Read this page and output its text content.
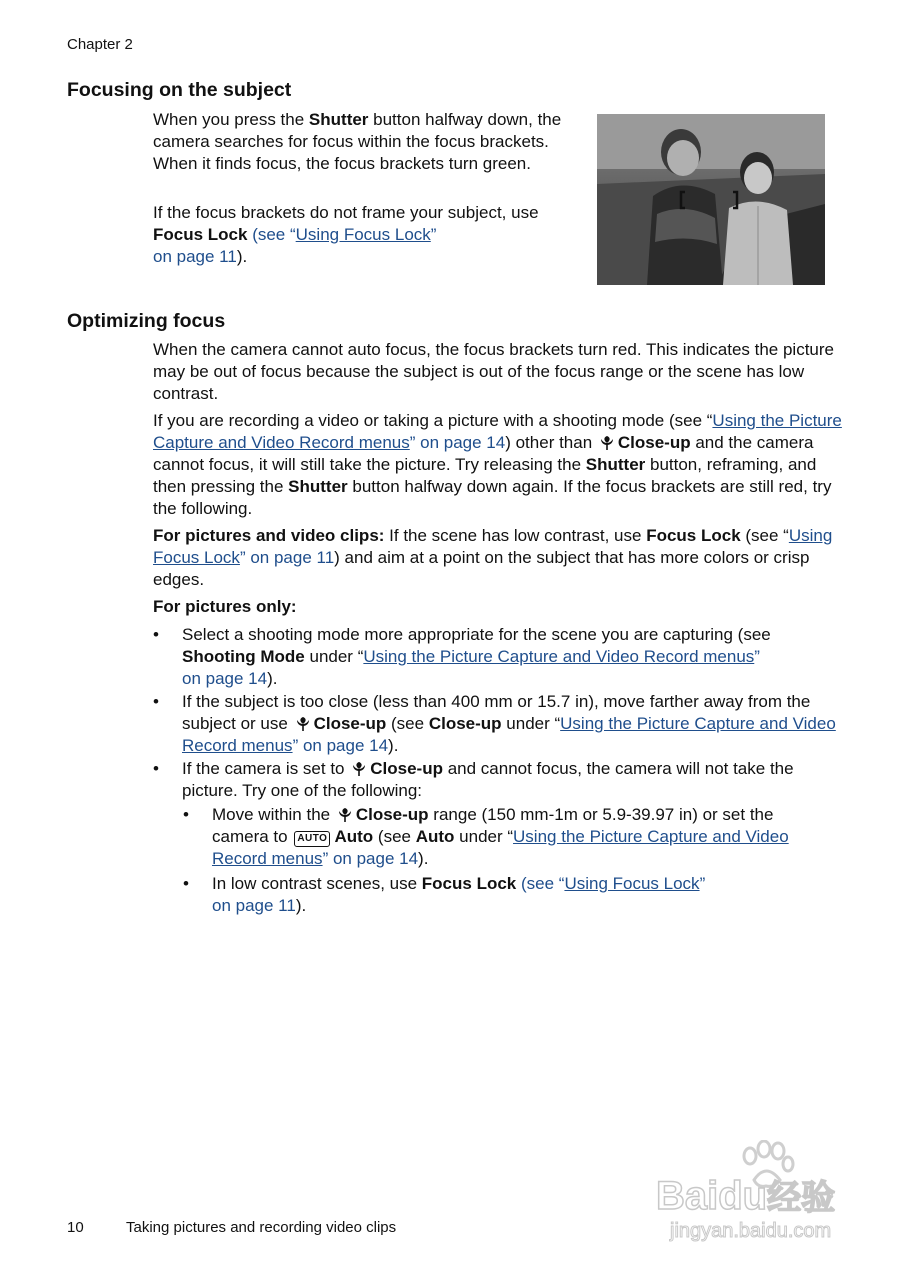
Chapter 2
Focusing on the subject

When you press the Shutter button halfway down, the camera searches for focus within the focus brackets. When it finds focus, the focus brackets turn green.

If the focus brackets do not frame your subject, use Focus Lock (see “Using Focus Lock”
on page 11).

Optimizing focus

When the camera cannot auto focus, the focus brackets turn red. This indicates the picture may be out of focus because the subject is out of the focus range or the scene has low contrast.

If you are recording a video or taking a picture with a shooting mode (see “Using the Picture Capture and Video Record menus” on page 14) other than Close-up and the camera cannot focus, it will still take the picture. Try releasing the Shutter button, reframing, and then pressing the Shutter button halfway down again. If the focus brackets are still red, try the following.

For pictures and video clips: If the scene has low contrast, use Focus Lock (see “Using Focus Lock” on page 11) and aim at a point on the subject that has more colors or crisp edges.

For pictures only:

• Select a shooting mode more appropriate for the scene you are capturing (see Shooting Mode under “Using the Picture Capture and Video Record menus”
on page 14).

• If the subject is too close (less than 400 mm or 15.7 in), move farther away from the subject or use Close-up (see Close-up under “Using the Picture Capture and Video Record menus” on page 14).

• If the camera is set to Close-up and cannot focus, the camera will not take the picture. Try one of the following:

• Move within the Close-up range (150 mm-1m or 5.9-39.97 in) or set the camera to AUTO Auto (see Auto under “Using the Picture Capture and Video Record menus” on page 14).

• In low contrast scenes, use Focus Lock (see “Using Focus Lock”
on page 11).

Baidu经验
jingyan.baidu.com
10	Taking pictures and recording video clips
